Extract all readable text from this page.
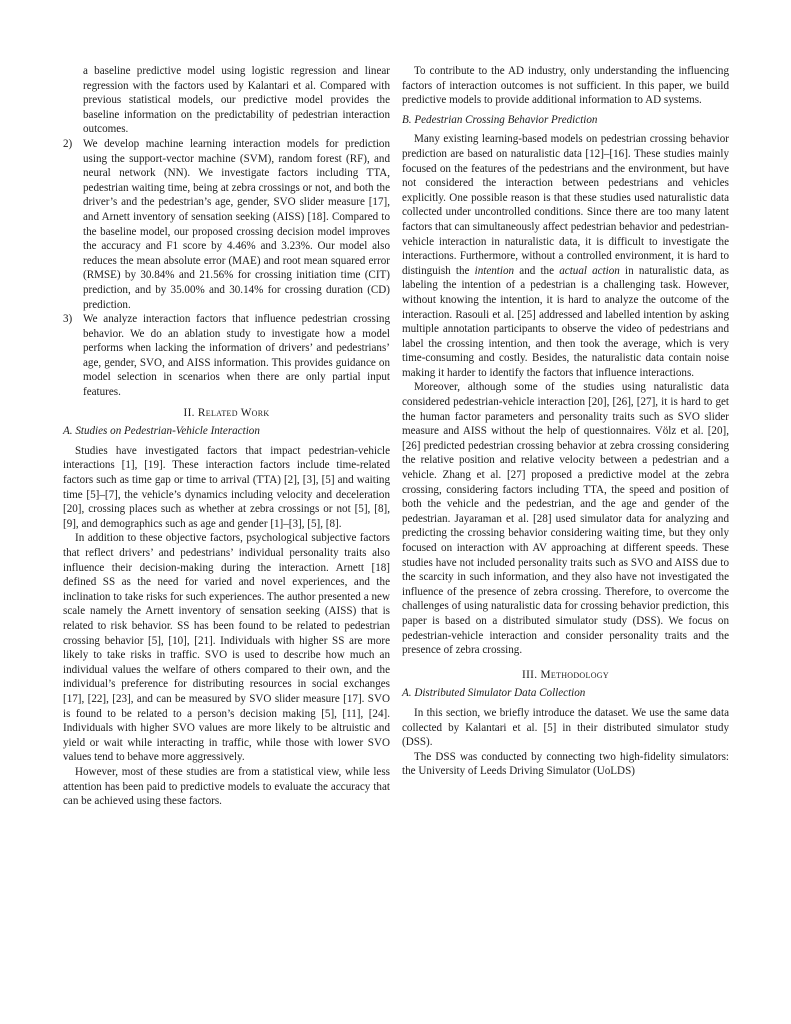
a baseline predictive model using logistic regression and linear regression with the factors used by Kalantari et al. Compared with previous statistical models, our predictive model provides the baseline information on the predictability of pedestrian interaction outcomes.

2) We develop machine learning interaction models for prediction using the support-vector machine (SVM), random forest (RF), and neural network (NN). We investigate factors including TTA, pedestrian waiting time, being at zebra crossings or not, and both the driver’s and the pedestrian’s age, gender, SVO slider measure [17], and Arnett inventory of sensation seeking (AISS) [18]. Compared to the baseline model, our proposed crossing decision model improves the accuracy and F1 score by 4.46% and 3.23%. Our model also reduces the mean absolute error (MAE) and root mean squared error (RMSE) by 30.84% and 21.56% for crossing initiation time (CIT) prediction, and by 35.00% and 30.14% for crossing duration (CD) prediction.
3) We analyze interaction factors that influence pedestrian crossing behavior. We do an ablation study to investigate how a model performs when lacking the information of drivers’ and pedestrians’ age, gender, SVO, and AISS information. This provides guidance on model selection in scenarios when there are only partial input features.
II. Related Work
A. Studies on Pedestrian-Vehicle Interaction

Studies have investigated factors that impact pedestrian-vehicle interactions [1], [19]. These interaction factors include time-related factors such as time gap or time to arrival (TTA) [2], [3], [5] and waiting time [5]–[7], the vehicle’s dynamics including velocity and deceleration [20], crossing places such as whether at zebra crossings or not [5], [8], [9], and demographics such as age and gender [1]–[3], [5], [8].

In addition to these objective factors, psychological subjective factors that reflect drivers’ and pedestrians’ individual personality traits also influence their decision-making during the interaction. Arnett [18] defined SS as the need for varied and novel experiences, and the inclination to take risks for such experiences. The author presented a new scale namely the Arnett inventory of sensation seeking (AISS) that is related to risk behavior. SS has been found to be related to pedestrian crossing behavior [5], [10], [21]. Individuals with higher SS are more likely to take risks in traffic. SVO is used to describe how much an individual values the welfare of others compared to their own, and the individual’s preference for distributing resources in social exchanges [17], [22], [23], and can be measured by SVO slider measure [17]. SVO is found to be related to a person’s decision making [5], [11], [24]. Individuals with higher SVO values are more likely to be altruistic and yield or wait while interacting in traffic, while those with lower SVO values tend to behave more aggressively.

However, most of these studies are from a statistical view, while less attention has been paid to predictive models to evaluate the accuracy that can be achieved using these factors.

To contribute to the AD industry, only understanding the influencing factors of interaction outcomes is not sufficient. In this paper, we build predictive models to provide additional information to AD systems.

B. Pedestrian Crossing Behavior Prediction

Many existing learning-based models on pedestrian crossing behavior prediction are based on naturalistic data [12]–[16]. These studies mainly focused on the features of the pedestrians and the environment, but have not considered the interaction between pedestrians and vehicles explicitly. One possible reason is that these studies used naturalistic data collected under uncontrolled conditions. Since there are too many latent factors that can simultaneously affect pedestrian behavior and pedestrian-vehicle interaction in naturalistic data, it is difficult to investigate the interactions. Furthermore, without a controlled environment, it is hard to distinguish the intention and the actual action in naturalistic data, as labeling the intention of a pedestrian is a challenging task. However, without knowing the intention, it is hard to analyze the outcome of the interaction. Rasouli et al. [25] addressed and labelled intention by asking multiple annotation participants to observe the video of pedestrians and label the crossing intention, and then took the average, which is very time-consuming and costly. Besides, the naturalistic data contain noise making it harder to identify the factors that influence interactions.

Moreover, although some of the studies using naturalistic data considered pedestrian-vehicle interaction [20], [26], [27], it is hard to get the human factor parameters and personality traits such as SVO slider measure and AISS without the help of questionnaires. Völz et al. [20], [26] predicted pedestrian crossing behavior at zebra crossing considering the relative position and relative velocity between a pedestrian and a vehicle. Zhang et al. [27] proposed a predictive model at the zebra crossing, considering factors including TTA, the speed and position of both the vehicle and the pedestrian, and the age and gender of the pedestrian. Jayaraman et al. [28] used simulator data for analyzing and predicting the crossing behavior considering waiting time, but they only focused on interaction with AV approaching at different speeds. These studies have not included personality traits such as SVO and AISS due to the scarcity in such information, and they also have not investigated the influence of the presence of zebra crossing. Therefore, to overcome the challenges of using naturalistic data for crossing behavior prediction, this paper is based on a distributed simulator study (DSS). We focus on pedestrian-vehicle interaction and consider personality traits and the presence of zebra crossing.

III. Methodology
A. Distributed Simulator Data Collection

In this section, we briefly introduce the dataset. We use the same data collected by Kalantari et al. [5] in their distributed simulator study (DSS).

The DSS was conducted by connecting two high-fidelity simulators: the University of Leeds Driving Simulator (UoLDS)
